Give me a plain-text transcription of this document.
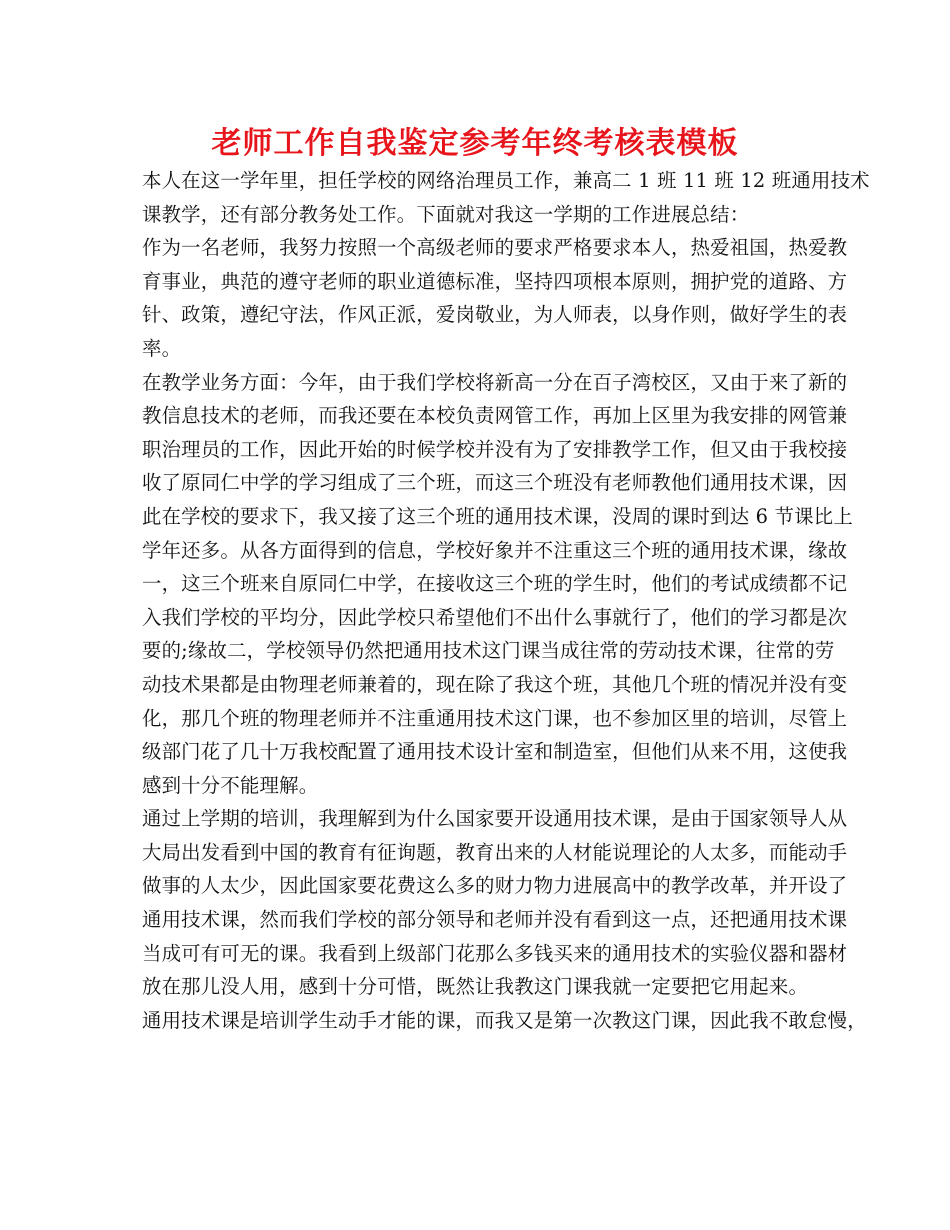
老师工作自我鉴定参考年终考核表模板
本人在这一学年里，担任学校的网络治理员工作，兼高二 1 班 11 班 12 班通用技术
课教学，还有部分教务处工作。下面就对我这一学期的工作进展总结：
作为一名老师，我努力按照一个高级老师的要求严格要求本人，热爱祖国，热爱教
育事业，典范的遵守老师的职业道德标准，坚持四项根本原则，拥护党的道路、方
针、政策，遵纪守法，作风正派，爱岗敬业，为人师表，以身作则，做好学生的表
率。
在教学业务方面：今年，由于我们学校将新高一分在百子湾校区，又由于来了新的
教信息技术的老师，而我还要在本校负责网管工作，再加上区里为我安排的网管兼
职治理员的工作，因此开始的时候学校并没有为了安排教学工作，但又由于我校接
收了原同仁中学的学习组成了三个班，而这三个班没有老师教他们通用技术课，因
此在学校的要求下，我又接了这三个班的通用技术课，没周的课时到达 6 节课比上
学年还多。从各方面得到的信息，学校好象并不注重这三个班的通用技术课，缘故
一，这三个班来自原同仁中学，在接收这三个班的学生时，他们的考试成绩都不记
入我们学校的平均分，因此学校只希望他们不出什么事就行了，他们的学习都是次
要的;缘故二，学校领导仍然把通用技术这门课当成往常的劳动技术课，往常的劳
动技术果都是由物理老师兼着的，现在除了我这个班，其他几个班的情况并没有变
化，那几个班的物理老师并不注重通用技术这门课，也不参加区里的培训，尽管上
级部门花了几十万我校配置了通用技术设计室和制造室，但他们从来不用，这使我
感到十分不能理解。
通过上学期的培训，我理解到为什么国家要开设通用技术课，是由于国家领导人从
大局出发看到中国的教育有征询题，教育出来的人材能说理论的人太多，而能动手
做事的人太少，因此国家要花费这么多的财力物力进展高中的教学改革，并开设了
通用技术课，然而我们学校的部分领导和老师并没有看到这一点，还把通用技术课
当成可有可无的课。我看到上级部门花那么多钱买来的通用技术的实验仪器和器材
放在那儿没人用，感到十分可惜，既然让我教这门课我就一定要把它用起来。
通用技术课是培训学生动手才能的课，而我又是第一次教这门课，因此我不敢怠慢，
